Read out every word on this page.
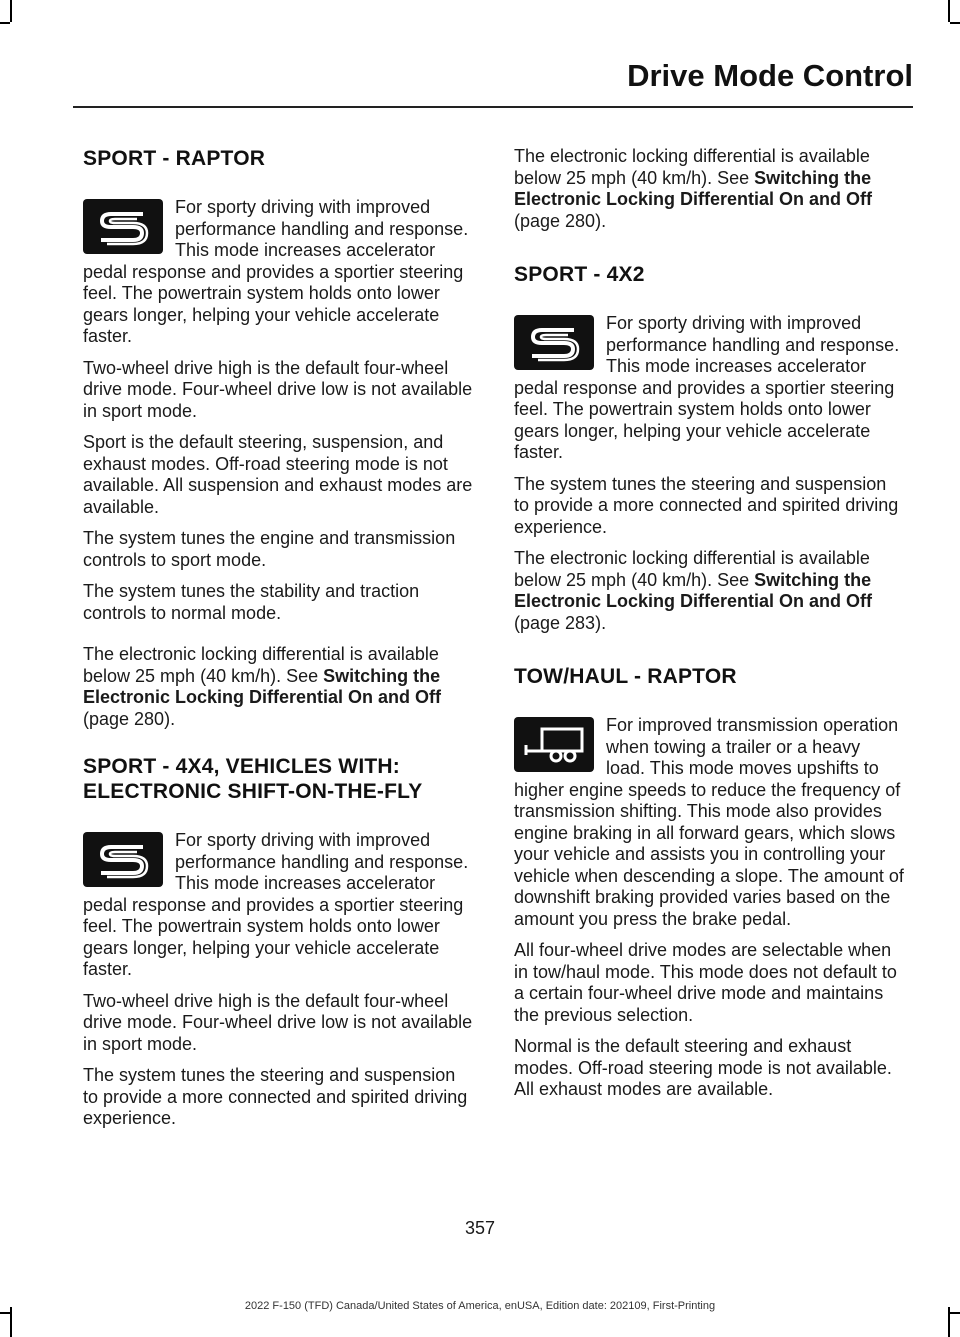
Drive Mode Control
SPORT - RAPTOR

For sporty driving with improved performance handling and response. This mode increases accelerator pedal response and provides a sportier steering feel. The powertrain system holds onto lower gears longer, helping your vehicle accelerate faster.

Two-wheel drive high is the default four-wheel drive mode. Four-wheel drive low is not available in sport mode.

Sport is the default steering, suspension, and exhaust modes. Off-road steering mode is not available. All suspension and exhaust modes are available.

The system tunes the engine and transmission controls to sport mode.

The system tunes the stability and traction controls to normal mode.

The electronic locking differential is available below 25 mph (40 km/h). See Switching the Electronic Locking Differential On and Off (page 280).

SPORT - 4X4, VEHICLES WITH: ELECTRONIC SHIFT-ON-THE-FLY

For sporty driving with improved performance handling and response. This mode increases accelerator pedal response and provides a sportier steering feel. The powertrain system holds onto lower gears longer, helping your vehicle accelerate faster.

Two-wheel drive high is the default four-wheel drive mode. Four-wheel drive low is not available in sport mode.

The system tunes the steering and suspension to provide a more connected and spirited driving experience.

The electronic locking differential is available below 25 mph (40 km/h). See Switching the Electronic Locking Differential On and Off (page 280).

SPORT - 4X2

For sporty driving with improved performance handling and response. This mode increases accelerator pedal response and provides a sportier steering feel. The powertrain system holds onto lower gears longer, helping your vehicle accelerate faster.

The system tunes the steering and suspension to provide a more connected and spirited driving experience.

The electronic locking differential is available below 25 mph (40 km/h). See Switching the Electronic Locking Differential On and Off (page 283).

TOW/HAUL - RAPTOR

For improved transmission operation when towing a trailer or a heavy load. This mode moves upshifts to higher engine speeds to reduce the frequency of transmission shifting. This mode also provides engine braking in all forward gears, which slows your vehicle and assists you in controlling your vehicle when descending a slope. The amount of downshift braking provided varies based on the amount you press the brake pedal.

All four-wheel drive modes are selectable when in tow/haul mode. This mode does not default to a certain four-wheel drive mode and maintains the previous selection.

Normal is the default steering and exhaust modes. Off-road steering mode is not available. All exhaust modes are available.

357
2022 F-150 (TFD) Canada/United States of America, enUSA, Edition date: 202109, First-Printing
